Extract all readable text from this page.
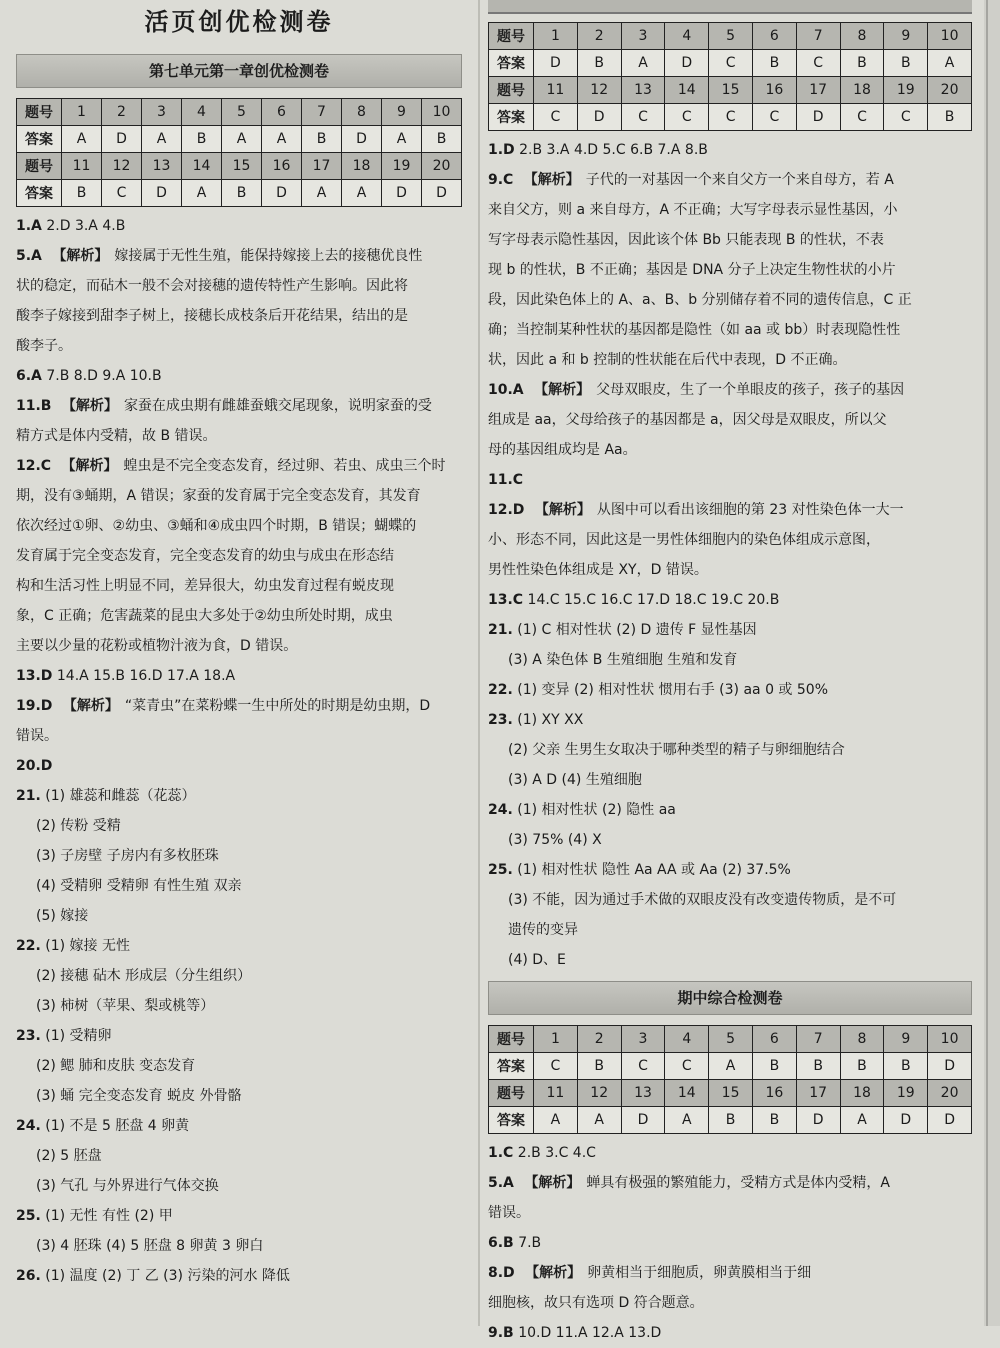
活页创优检测卷
第七单元第一章创优检测卷
题号	1	2	3	4	5	6	7	8	9	10
答案	A	D	A	B	A	A	B	D	A	B
题号	11	12	13	14	15	16	17	18	19	20
答案	B	C	D	A	B	D	A	A	D	D
1.A 2.D 3.A 4.B
5.A 【解析】 嫁接属于无性生殖，能保持嫁接上去的接穗优良性
状的稳定，而砧木一般不会对接穗的遗传特性产生影响。因此将
酸李子嫁接到甜李子树上，接穗长成枝条后开花结果，结出的是
酸李子。
6.A 7.B 8.D 9.A 10.B
11.B 【解析】 家蚕在成虫期有雌雄蚕蛾交尾现象，说明家蚕的受
精方式是体内受精，故 B 错误。
12.C 【解析】 蝗虫是不完全变态发育，经过卵、若虫、成虫三个时
期，没有③蛹期，A 错误；家蚕的发育属于完全变态发育，其发育
依次经过①卵、②幼虫、③蛹和④成虫四个时期，B 错误；蝴蝶的
发育属于完全变态发育，完全变态发育的幼虫与成虫在形态结
构和生活习性上明显不同，差异很大，幼虫发育过程有蜕皮现
象，C 正确；危害蔬菜的昆虫大多处于②幼虫所处时期，成虫
主要以少量的花粉或植物汁液为食，D 错误。
13.D 14.A 15.B 16.D 17.A 18.A
19.D 【解析】 “菜青虫”在菜粉蝶一生中所处的时期是幼虫期，D
错误。
20.D
21. (1) 雄蕊和雌蕊（花蕊）
(2) 传粉 受精
(3) 子房壁 子房内有多枚胚珠
(4) 受精卵 受精卵 有性生殖 双亲
(5) 嫁接
22. (1) 嫁接 无性
(2) 接穗 砧木 形成层（分生组织）
(3) 柿树（苹果、梨或桃等）
23. (1) 受精卵
(2) 鳃 肺和皮肤 变态发育
(3) 蛹 完全变态发育 蜕皮 外骨骼
24. (1) 不是 5 胚盘 4 卵黄
(2) 5 胚盘
(3) 气孔 与外界进行气体交换
25. (1) 无性 有性 (2) 甲
(3) 4 胚珠 (4) 5 胚盘 8 卵黄 3 卵白
26. (1) 温度 (2) 丁 乙 (3) 污染的河水 降低
题号	1	2	3	4	5	6	7	8	9	10
答案	D	B	A	D	C	B	C	B	B	A
题号	11	12	13	14	15	16	17	18	19	20
答案	C	D	C	C	C	C	D	C	C	B
1.D 2.B 3.A 4.D 5.C 6.B 7.A 8.B
9.C 【解析】 子代的一对基因一个来自父方一个来自母方，若 A
来自父方，则 a 来自母方，A 不正确；大写字母表示显性基因，小
写字母表示隐性基因，因此该个体 Bb 只能表现 B 的性状，不表
现 b 的性状，B 不正确；基因是 DNA 分子上决定生物性状的小片
段，因此染色体上的 A、a、B、b 分别储存着不同的遗传信息，C 正
确；当控制某种性状的基因都是隐性（如 aa 或 bb）时表现隐性性
状，因此 a 和 b 控制的性状能在后代中表现，D 不正确。
10.A 【解析】 父母双眼皮，生了一个单眼皮的孩子，孩子的基因
组成是 aa，父母给孩子的基因都是 a，因父母是双眼皮，所以父
母的基因组成均是 Aa。
11.C
12.D 【解析】 从图中可以看出该细胞的第 23 对性染色体一大一
小、形态不同，因此这是一男性体细胞内的染色体组成示意图，
男性性染色体组成是 XY，D 错误。
13.C 14.C 15.C 16.C 17.D 18.C 19.C 20.B
21. (1) C 相对性状 (2) D 遗传 F 显性基因
(3) A 染色体 B 生殖细胞 生殖和发育
22. (1) 变异 (2) 相对性状 惯用右手 (3) aa 0 或 50%
23. (1) XY XX
(2) 父亲 生男生女取决于哪种类型的精子与卵细胞结合
(3) A D (4) 生殖细胞
24. (1) 相对性状 (2) 隐性 aa
(3) 75% (4) X
25. (1) 相对性状 隐性 Aa AA 或 Aa (2) 37.5%
(3) 不能，因为通过手术做的双眼皮没有改变遗传物质，是不可
遗传的变异
(4) D、E
期中综合检测卷
题号	1	2	3	4	5	6	7	8	9	10
答案	C	B	C	C	A	B	B	B	B	D
题号	11	12	13	14	15	16	17	18	19	20
答案	A	A	D	A	B	B	D	A	D	D
1.C 2.B 3.C 4.C
5.A 【解析】 蝉具有极强的繁殖能力，受精方式是体内受精，A
错误。
6.B 7.B
8.D 【解析】 卵黄相当于细胞质，卵黄膜相当于细
细胞核，故只有选项 D 符合题意。
9.B 10.D 11.A 12.A 13.D
